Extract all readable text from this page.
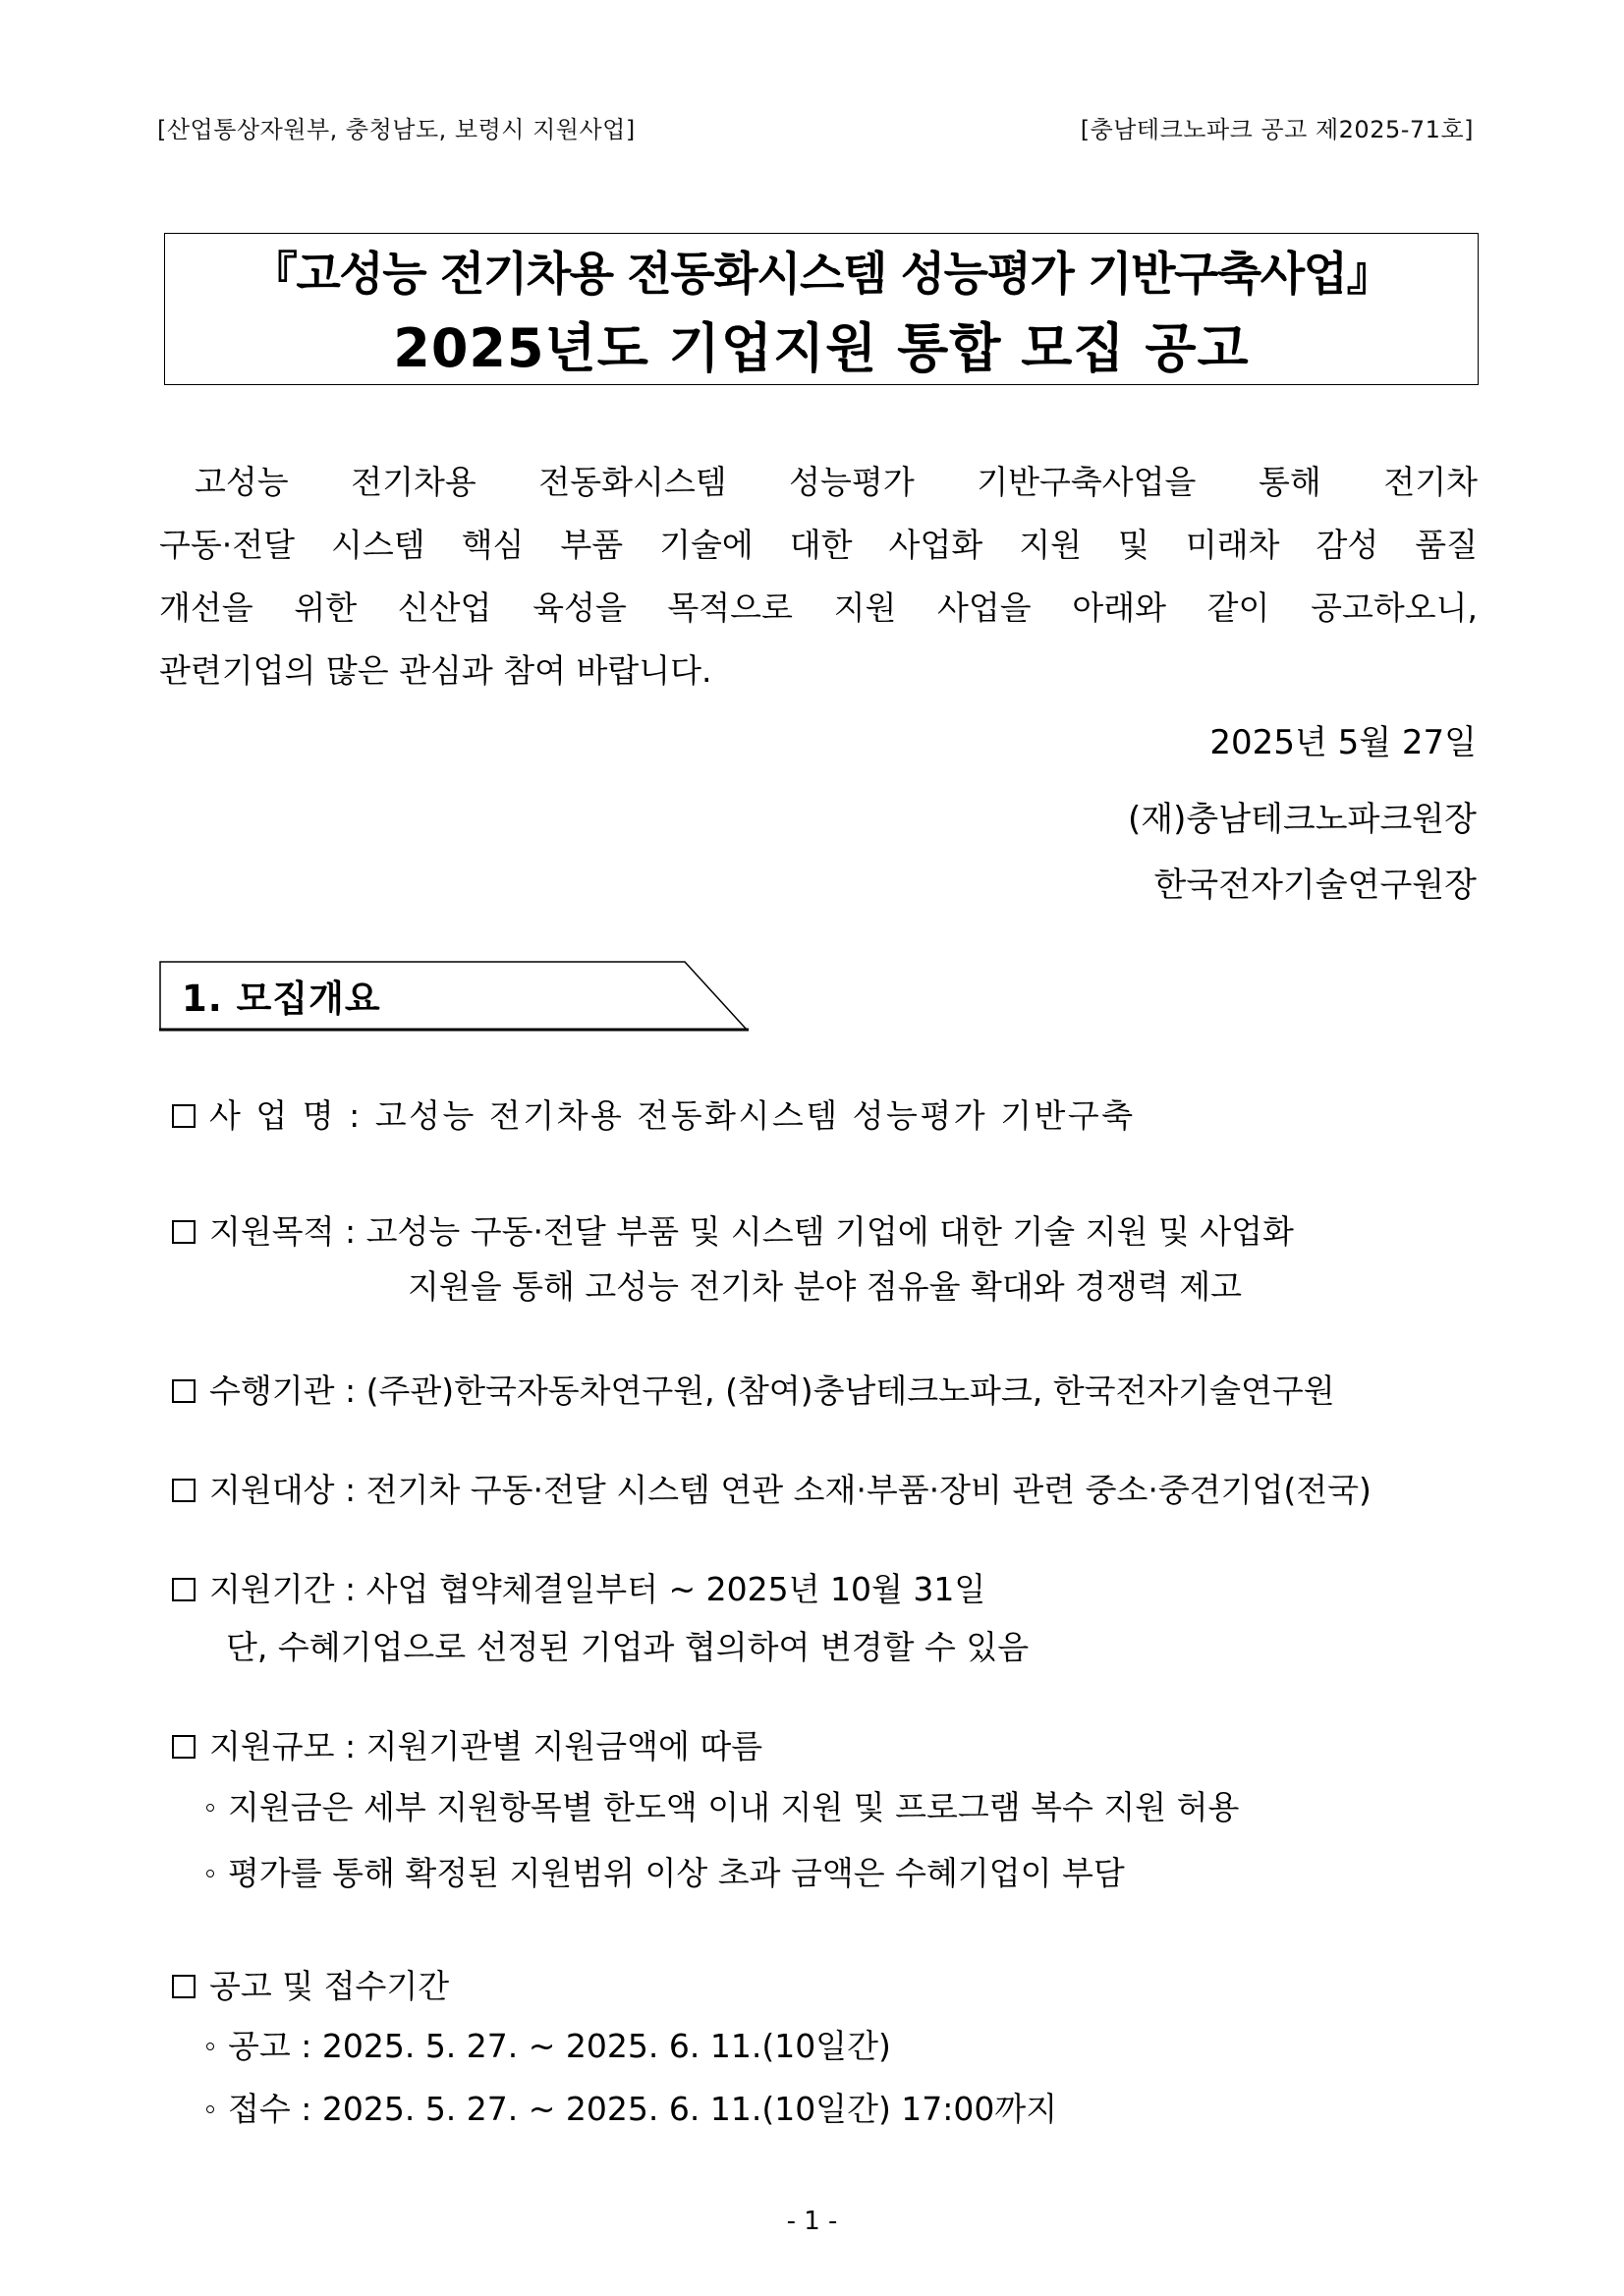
[산업통상자원부, 충청남도, 보령시 지원사업]	[충남테크노파크 공고 제2025-71호]
『고성능 전기차용 전동화시스템 성능평가 기반구축사업』
2025년도 기업지원 통합 모집 공고
고성능 전기차용 전동화시스템 성능평가 기반구축사업을 통해 전기차
구동·전달 시스템 핵심 부품 기술에 대한 사업화 지원 및 미래차 감성 품질
개선을 위한 신산업 육성을 목적으로 지원 사업을 아래와 같이 공고하오니,
관련기업의 많은 관심과 참여 바랍니다.
2025년 5월 27일
(재)충남테크노파크원장
한국전자기술연구원장
1. 모집개요
사 업 명 : 고성능 전기차용 전동화시스템 성능평가 기반구축
지원목적 : 고성능 구동·전달 부품 및 시스템 기업에 대한 기술 지원 및 사업화
지원을 통해 고성능 전기차 분야 점유율 확대와 경쟁력 제고
수행기관 : (주관)한국자동차연구원, (참여)충남테크노파크, 한국전자기술연구원
지원대상 : 전기차 구동·전달 시스템 연관 소재·부품·장비 관련 중소·중견기업(전국)
지원기간 : 사업 협약체결일부터 ~ 2025년 10월 31일
단, 수혜기업으로 선정된 기업과 협의하여 변경할 수 있음
지원규모 : 지원기관별 지원금액에 따름
지원금은 세부 지원항목별 한도액 이내 지원 및 프로그램 복수 지원 허용
평가를 통해 확정된 지원범위 이상 초과 금액은 수혜기업이 부담
공고 및 접수기간
공고 : 2025. 5. 27. ~ 2025. 6. 11.(10일간)
접수 : 2025. 5. 27. ~ 2025. 6. 11.(10일간) 17:00까지
- 1 -
